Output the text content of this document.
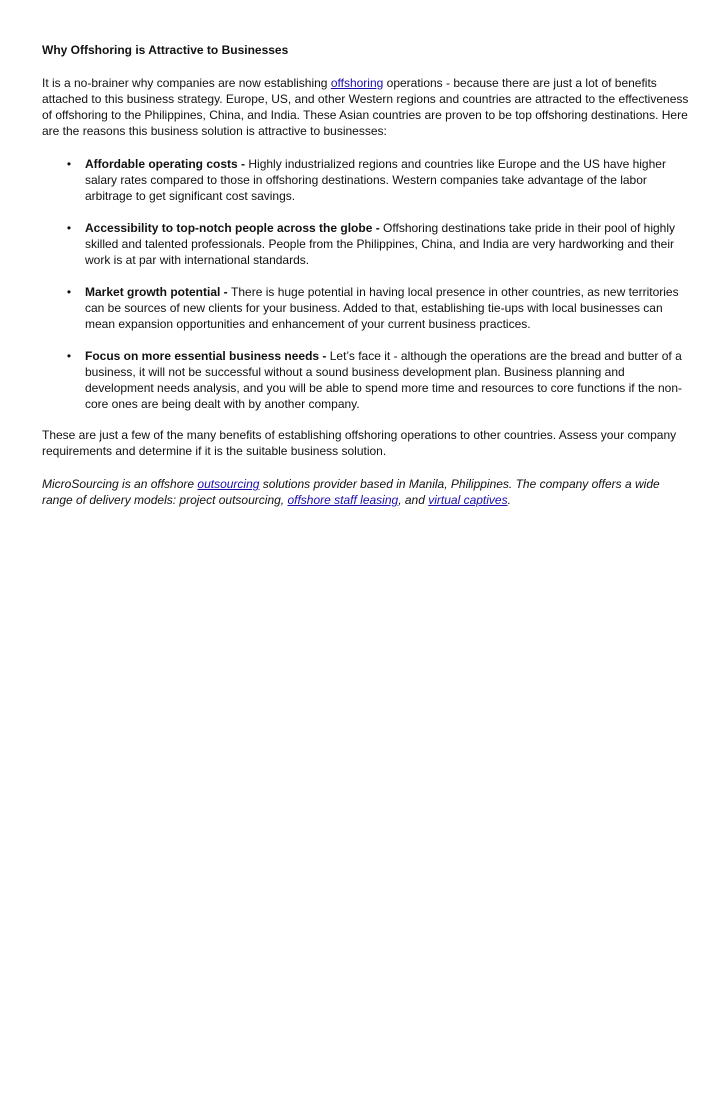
Why Offshoring is Attractive to Businesses

It is a no-brainer why companies are now establishing offshoring operations - because there are just a lot of benefits attached to this business strategy. Europe, US, and other Western regions and countries are attracted to the effectiveness of offshoring to the Philippines, China, and India. These Asian countries are proven to be top offshoring destinations. Here are the reasons this business solution is attractive to businesses:

• Affordable operating costs - Highly industrialized regions and countries like Europe and the US have higher salary rates compared to those in offshoring destinations. Western companies take advantage of the labor arbitrage to get significant cost savings.
• Accessibility to top-notch people across the globe - Offshoring destinations take pride in their pool of highly skilled and talented professionals. People from the Philippines, China, and India are very hardworking and their work is at par with international standards.
• Market growth potential - There is huge potential in having local presence in other countries, as new territories can be sources of new clients for your business. Added to that, establishing tie-ups with local businesses can mean expansion opportunities and enhancement of your current business practices.
• Focus on more essential business needs - Let’s face it - although the operations are the bread and butter of a business, it will not be successful without a sound business development plan. Business planning and development needs analysis, and you will be able to spend more time and resources to core functions if the non-core ones are being dealt with by another company.

These are just a few of the many benefits of establishing offshoring operations to other countries. Assess your company requirements and determine if it is the suitable business solution.

MicroSourcing is an offshore outsourcing solutions provider based in Manila, Philippines. The company offers a wide range of delivery models: project outsourcing, offshore staff leasing, and virtual captives.
